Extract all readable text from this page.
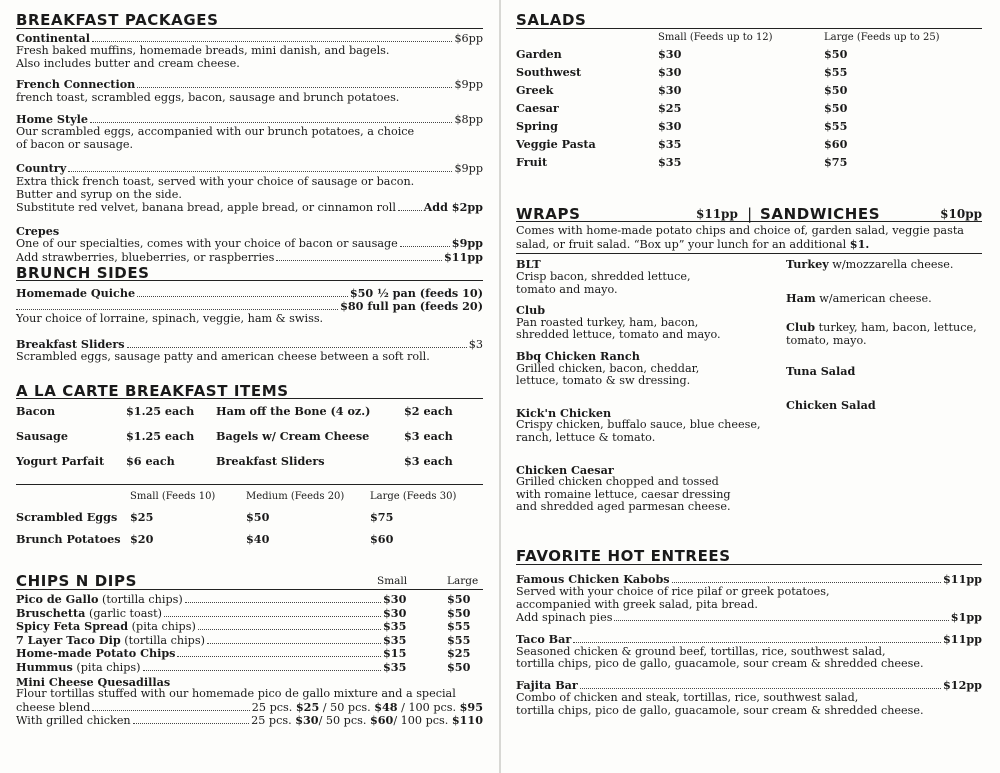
BREAKFAST PACKAGES
Continental	$6pp
Fresh baked muffins, homemade breads, mini danish, and bagels.
Also includes butter and cream cheese.
French Connection	$9pp
french toast, scrambled eggs, bacon, sausage and brunch potatoes.
Home Style	$8pp
Our scrambled eggs, accompanied with our brunch potatoes, a choice
of bacon or sausage.
Country	$9pp
Extra thick french toast, served with your choice of sausage or bacon.
Butter and syrup on the side.
Substitute red velvet, banana bread, apple bread, or cinnamon roll Add $2pp
Crepes
One of our specialties, comes with your choice of bacon or sausage	$9pp
Add strawberries, blueberries, or raspberries	$11pp
BRUNCH SIDES
Homemade Quiche	$50 ½ pan (feeds 10)
$80 full pan (feeds 20)
Your choice of lorraine, spinach, veggie, ham & swiss.
Breakfast Sliders	$3
Scrambled eggs, sausage patty and american cheese between a soft roll.
A LA CARTE BREAKFAST ITEMS
Bacon	$1.25 each	Ham off the Bone (4 oz.)	$2 each
Sausage	$1.25 each	Bagels w/ Cream Cheese	$3 each
Yogurt Parfait	$6 each	Breakfast Sliders	$3 each
	Small (Feeds 10)	Medium (Feeds 20)	Large (Feeds 30)
Scrambled Eggs	$25	$50	$75
Brunch Potatoes	$20	$40	$60
CHIPS N DIPS	Small	Large
Pico de Gallo (tortilla chips)	$30	$50
Bruschetta (garlic toast)	$30	$50
Spicy Feta Spread (pita chips)	$35	$55
7 Layer Taco Dip (tortilla chips)	$35	$55
Home-made Potato Chips	$15	$25
Hummus (pita chips)	$35	$50
Mini Cheese Quesadillas
Flour tortillas stuffed with our homemade pico de gallo mixture and a special
cheese blend	25 pcs. $25 / 50 pcs. $48 / 100 pcs. $95
With grilled chicken	25 pcs. $30/ 50 pcs. $60/ 100 pcs. $110
SALADS
	Small (Feeds up to 12)	Large (Feeds up to 25)
Garden	$30	$50
Southwest	$30	$55
Greek	$30	$50
Caesar	$25	$50
Spring	$30	$55
Veggie Pasta	$35	$60
Fruit	$35	$75
WRAPS	$11pp | SANDWICHES	$10pp
Comes with home-made potato chips and choice of, garden salad, veggie pasta
salad, or fruit salad. “Box up” your lunch for an additional $1.
BLT
Crisp bacon, shredded lettuce,
tomato and mayo.
Club
Pan roasted turkey, ham, bacon,
shredded lettuce, tomato and mayo.
Bbq Chicken Ranch
Grilled chicken, bacon, cheddar,
lettuce, tomato & sw dressing.
Kick'n Chicken
Crispy chicken, buffalo sauce, blue cheese,
ranch, lettuce & tomato.
Chicken Caesar
Grilled chicken chopped and tossed
with romaine lettuce, caesar dressing
and shredded aged parmesan cheese.
Turkey w/mozzarella cheese.
Ham w/american cheese.
Club turkey, ham, bacon, lettuce,
tomato, mayo.
Tuna Salad
Chicken Salad
FAVORITE HOT ENTREES
Famous Chicken Kabobs	$11pp
Served with your choice of rice pilaf or greek potatoes,
accompanied with greek salad, pita bread.
Add spinach pies	$1pp
Taco Bar	$11pp
Seasoned chicken & ground beef, tortillas, rice, southwest salad,
tortilla chips, pico de gallo, guacamole, sour cream & shredded cheese.
Fajita Bar	$12pp
Combo of chicken and steak, tortillas, rice, southwest salad,
tortilla chips, pico de gallo, guacamole, sour cream & shredded cheese.
